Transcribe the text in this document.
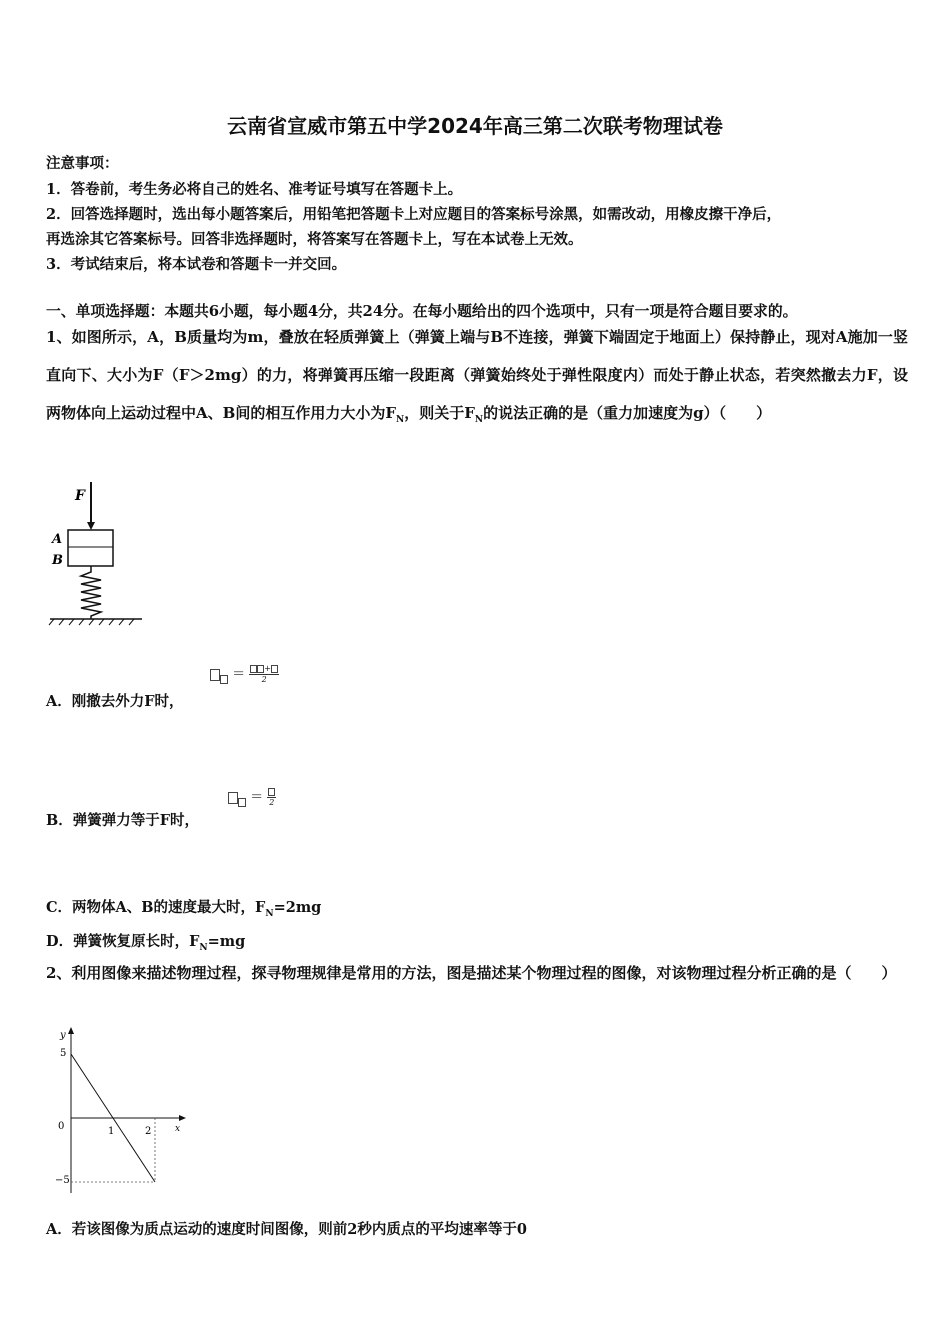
云南省宣威市第五中学2024年高三第二次联考物理试卷
注意事项：
1．答卷前，考生务必将自己的姓名、准考证号填写在答题卡上。
2．回答选择题时，选出每小题答案后，用铅笔把答题卡上对应题目的答案标号涂黑，如需改动，用橡皮擦干净后，
再选涂其它答案标号。回答非选择题时，将答案写在答题卡上，写在本试卷上无效。
3．考试结束后，将本试卷和答题卡一并交回。
一、单项选择题：本题共6小题，每小题4分，共24分。在每小题给出的四个选项中，只有一项是符合题目要求的。
1、如图所示，A，B质量均为m，叠放在轻质弹簧上（弹簧上端与B不连接，弹簧下端固定于地面上）保持静止，现对A施加一竖直向下、大小为F（F＞2mg）的力，将弹簧再压缩一段距离（弹簧始终处于弹性限度内）而处于静止状态，若突然撤去力F，设两物体向上运动过程中A、B间的相互作用力大小为$F_N$，则关于$F_N$的说法正确的是（重力加速度为g）（　　）
F
A
B
A．刚撤去外力F时，
＝ $\frac{+}{2}$
B．弹簧弹力等于F时，
＝ 2
C．两物体A、B的速度最大时，$F_N=2mg$
D．弹簧恢复原长时，$F_N=mg$
2、利用图像来描述物理过程，探寻物理规律是常用的方法，图是描述某个物理过程的图像，对该物理过程分析正确的是（　　）
y
x
0
5
−5
1	2
A．若该图像为质点运动的速度时间图像，则前2秒内质点的平均速率等于0
